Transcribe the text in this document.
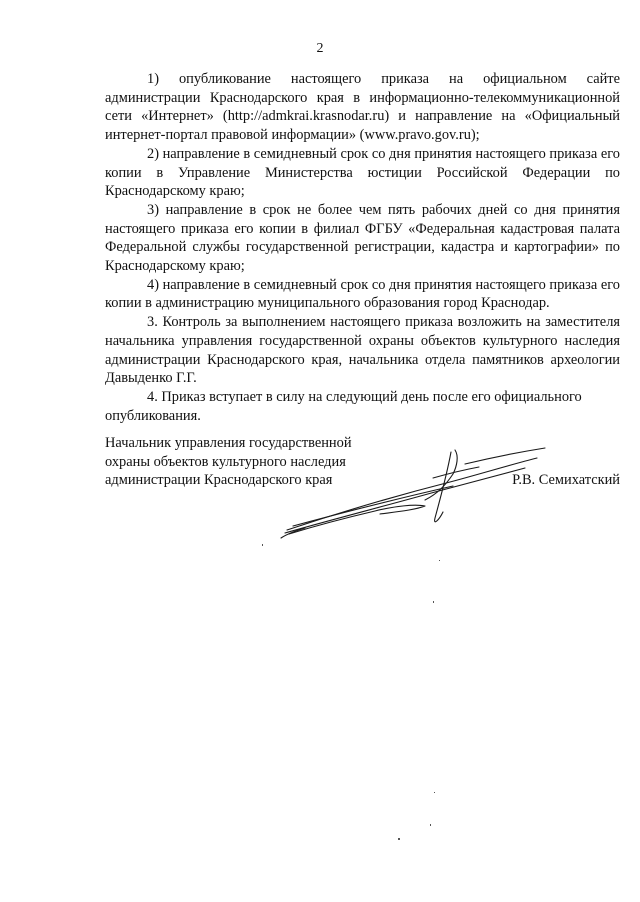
2

1) опубликование настоящего приказа на официальном сайте администрации Краснодарского края в информационно-телекоммуникационной сети «Интернет» (http://admkrai.krasnodar.ru) и направление на «Официальный интернет-портал правовой информации» (www.pravo.gov.ru);

2) направление в семидневный срок со дня принятия настоящего приказа его копии в Управление Министерства юстиции Российской Федерации по Краснодарскому краю;

3) направление в срок не более чем пять рабочих дней со дня принятия настоящего приказа его копии в филиал ФГБУ «Федеральная кадастровая палата Федеральной службы государственной регистрации, кадастра и картографии» по Краснодарскому краю;

4) направление в семидневный срок со дня принятия настоящего приказа его копии в администрацию муниципального образования город Краснодар.

3. Контроль за выполнением настоящего приказа возложить на заместителя начальника управления государственной охраны объектов культурного наследия администрации Краснодарского края, начальника отдела памятников археологии Давыденко Г.Г.

4. Приказ вступает в силу на следующий день после его официального опубликования.

Начальник управления государственной
охраны объектов культурного наследия
администрации Краснодарского края	Р.В. Семихатский
